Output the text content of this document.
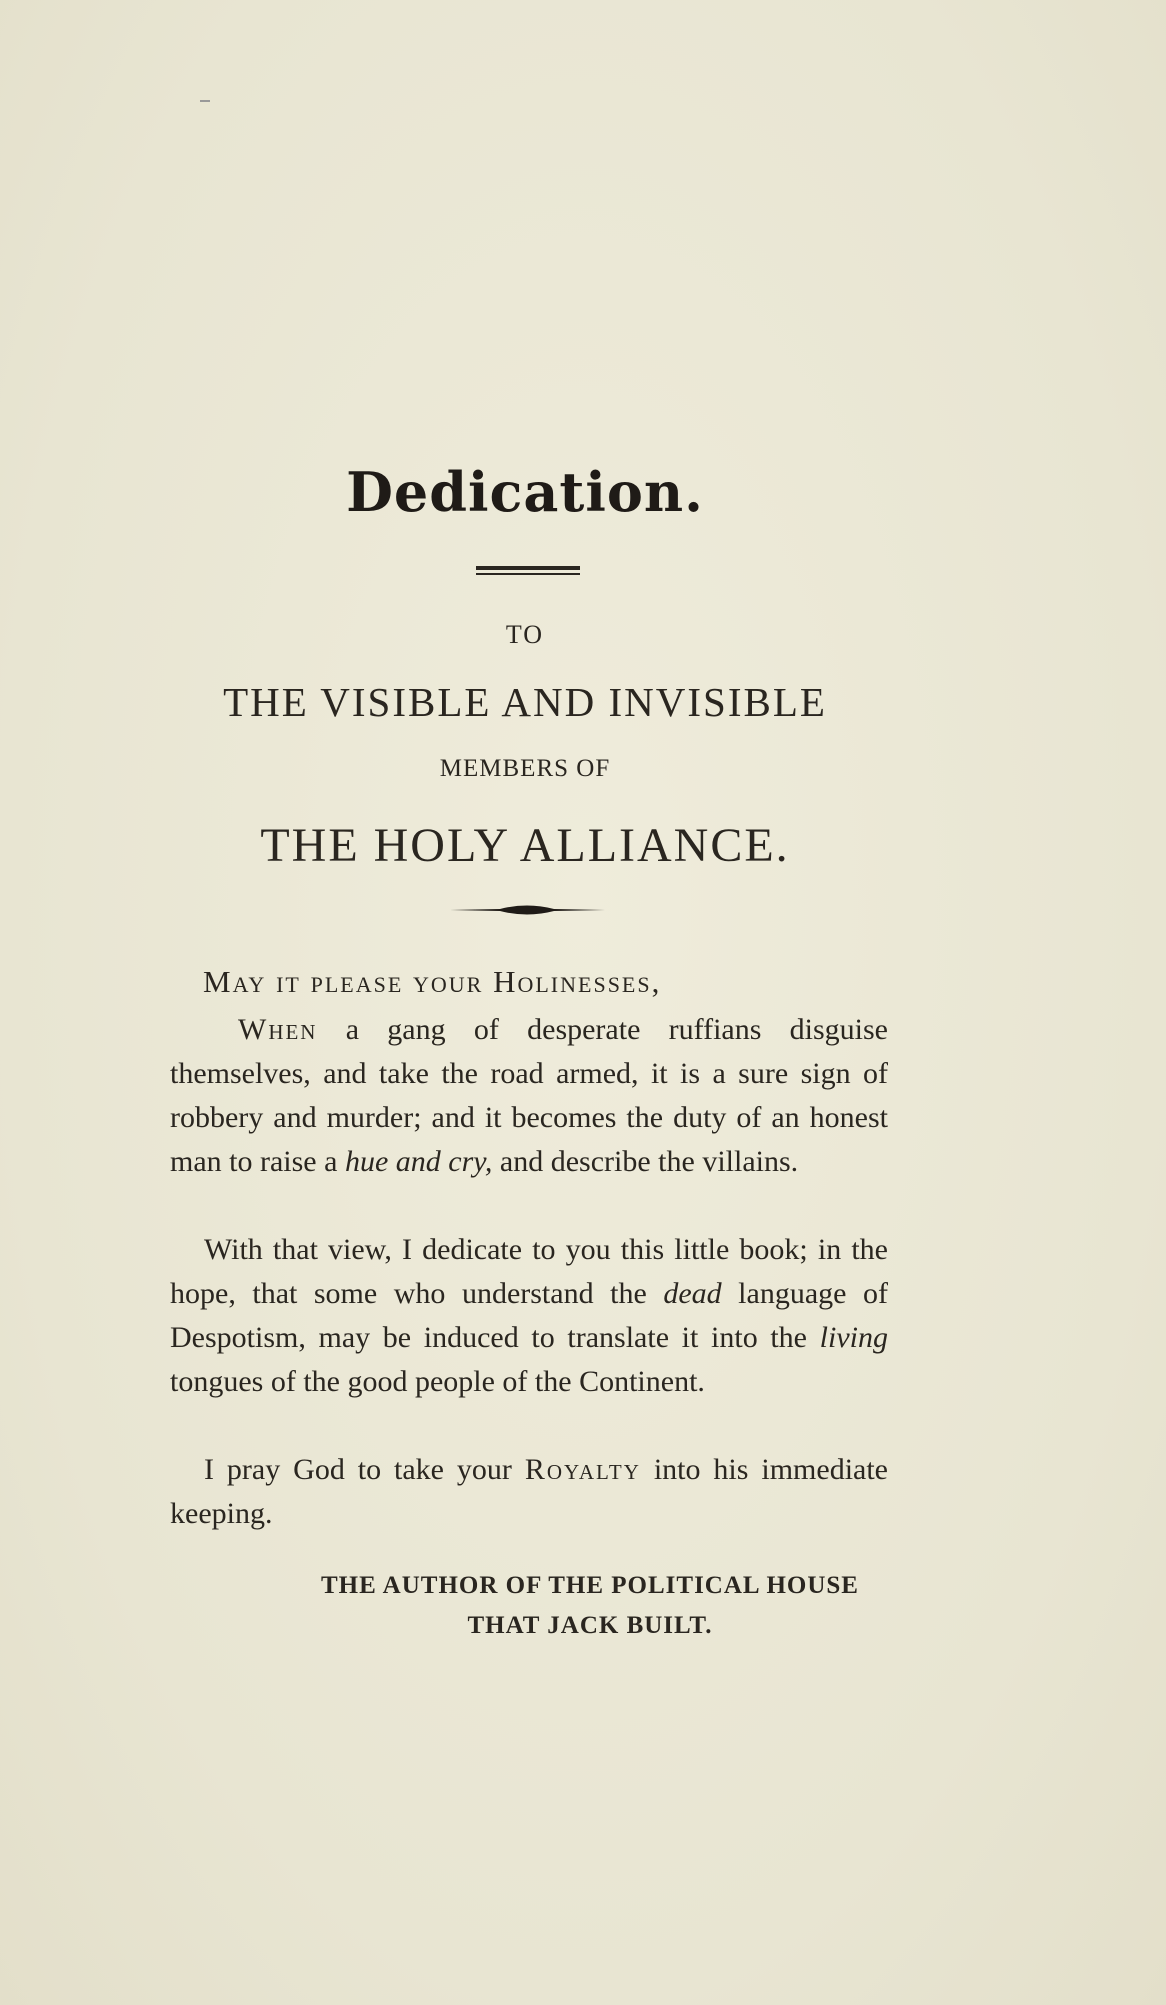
Dedication.
TO
THE VISIBLE AND INVISIBLE
MEMBERS OF
THE HOLY ALLIANCE.
May it please your Holinesses,
When a gang of desperate ruffians disguise themselves, and take the road armed, it is a sure sign of robbery and murder; and it becomes the duty of an honest man to raise a hue and cry, and describe the villains.
With that view, I dedicate to you this little book; in the hope, that some who understand the dead language of Despotism, may be induced to translate it into the living tongues of the good people of the Continent.
I pray God to take your Royalty into his immediate keeping.
THE AUTHOR OF THE POLITICAL HOUSE
THAT JACK BUILT.
